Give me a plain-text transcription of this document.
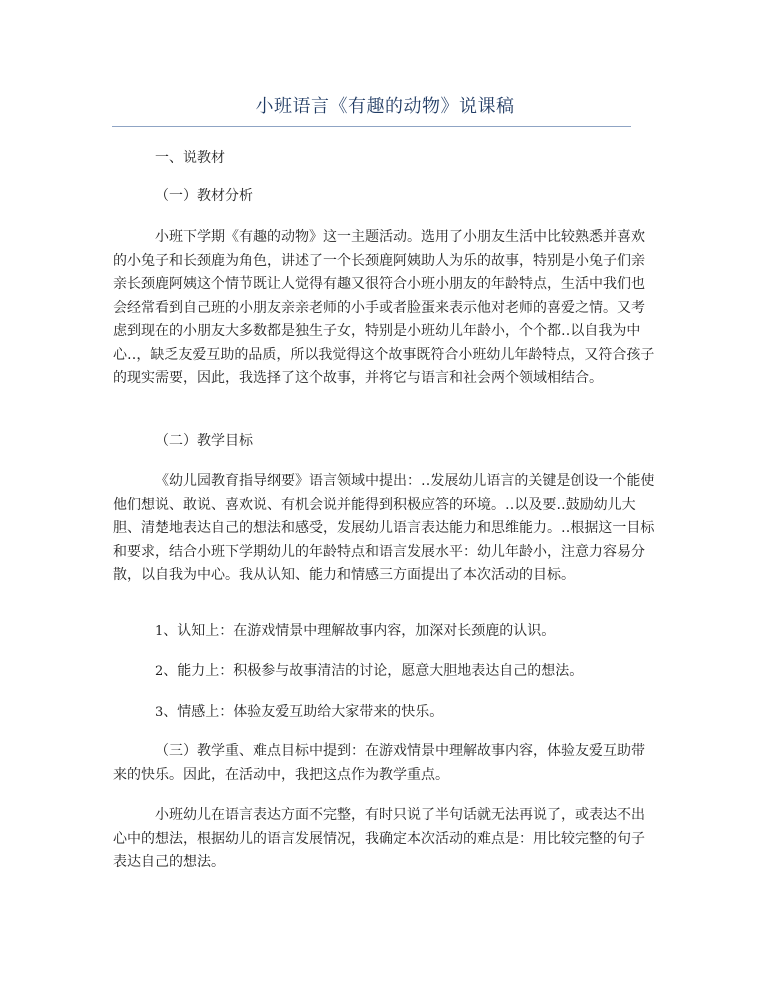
小班语言《有趣的动物》说课稿

一、说教材

（一）教材分析

小班下学期《有趣的动物》这一主题活动。选用了小朋友生活中比较熟悉并喜欢的小兔子和长颈鹿为角色，讲述了一个长颈鹿阿姨助人为乐的故事，特别是小兔子们亲亲长颈鹿阿姨这个情节既让人觉得有趣又很符合小班小朋友的年龄特点，生活中我们也会经常看到自己班的小朋友亲亲老师的小手或者脸蛋来表示他对老师的喜爱之情。又考虑到现在的小朋友大多数都是独生子女，特别是小班幼儿年龄小，个个都‥以自我为中心‥，缺乏友爱互助的品质，所以我觉得这个故事既符合小班幼儿年龄特点，又符合孩子的现实需要，因此，我选择了这个故事，并将它与语言和社会两个领域相结合。

（二）教学目标

《幼儿园教育指导纲要》语言领域中提出：‥发展幼儿语言的关键是创设一个能使他们想说、敢说、喜欢说、有机会说并能得到积极应答的环境。‥以及要‥鼓励幼儿大胆、清楚地表达自己的想法和感受，发展幼儿语言表达能力和思维能力。‥根据这一目标和要求，结合小班下学期幼儿的年龄特点和语言发展水平：幼儿年龄小，注意力容易分散，以自我为中心。我从认知、能力和情感三方面提出了本次活动的目标。

1、认知上：在游戏情景中理解故事内容，加深对长颈鹿的认识。

2、能力上：积极参与故事清洁的讨论，愿意大胆地表达自己的想法。

3、情感上：体验友爱互助给大家带来的快乐。

（三）教学重、难点目标中提到：在游戏情景中理解故事内容，体验友爱互助带来的快乐。因此，在活动中，我把这点作为教学重点。

小班幼儿在语言表达方面不完整，有时只说了半句话就无法再说了，或表达不出心中的想法，根据幼儿的语言发展情况，我确定本次活动的难点是：用比较完整的句子表达自己的想法。
